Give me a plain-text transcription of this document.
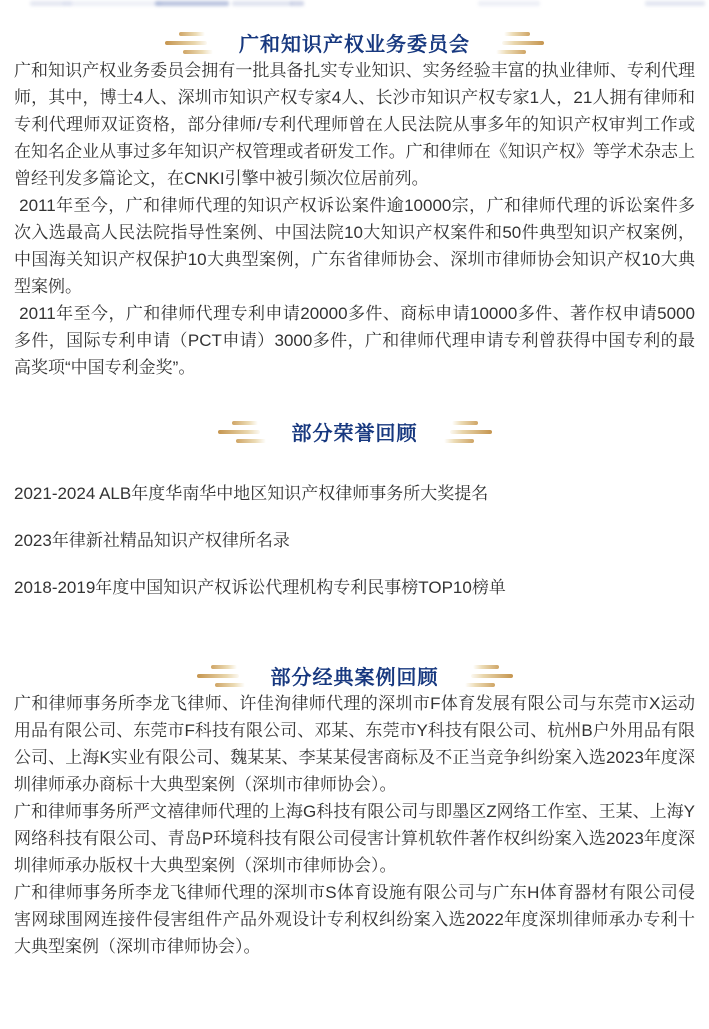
广和知识产权业务委员会

广和知识产权业务委员会拥有一批具备扎实专业知识、实务经验丰富的执业律师、专利代理师，其中，博士4人、深圳市知识产权专家4人、长沙市知识产权专家1人，21人拥有律师和专利代理师双证资格，部分律师/专利代理师曾在人民法院从事多年的知识产权审判工作或在知名企业从事过多年知识产权管理或者研发工作。广和律师在《知识产权》等学术杂志上曾经刊发多篇论文，在CNKI引擎中被引频次位居前列。

2011年至今，广和律师代理的知识产权诉讼案件逾10000宗，广和律师代理的诉讼案件多次入选最高人民法院指导性案例、中国法院10大知识产权案件和50件典型知识产权案例，中国海关知识产权保护10大典型案例，广东省律师协会、深圳市律师协会知识产权10大典型案例。

2011年至今，广和律师代理专利申请20000多件、商标申请10000多件、著作权申请5000多件，国际专利申请（PCT申请）3000多件，广和律师代理申请专利曾获得中国专利的最高奖项“中国专利金奖”。

部分荣誉回顾

2021-2024 ALB年度华南华中地区知识产权律师事务所大奖提名

2023年律新社精品知识产权律所名录

2018-2019年度中国知识产权诉讼代理机构专利民事榜TOP10榜单

部分经典案例回顾

广和律师事务所李龙飞律师、许佳洵律师代理的深圳市F体育发展有限公司与东莞市X运动用品有限公司、东莞市F科技有限公司、邓某、东莞市Y科技有限公司、杭州B户外用品有限公司、上海K实业有限公司、魏某某、李某某侵害商标及不正当竞争纠纷案入选2023年度深圳律师承办商标十大典型案例（深圳市律师协会）。

广和律师事务所严文禧律师代理的上海G科技有限公司与即墨区Z网络工作室、王某、上海Y网络科技有限公司、青岛P环境科技有限公司侵害计算机软件著作权纠纷案入选2023年度深圳律师承办版权十大典型案例（深圳市律师协会）。

广和律师事务所李龙飞律师代理的深圳市S体育设施有限公司与广东H体育器材有限公司侵害网球围网连接件侵害组件产品外观设计专利权纠纷案入选2022年度深圳律师承办专利十大典型案例（深圳市律师协会）。
